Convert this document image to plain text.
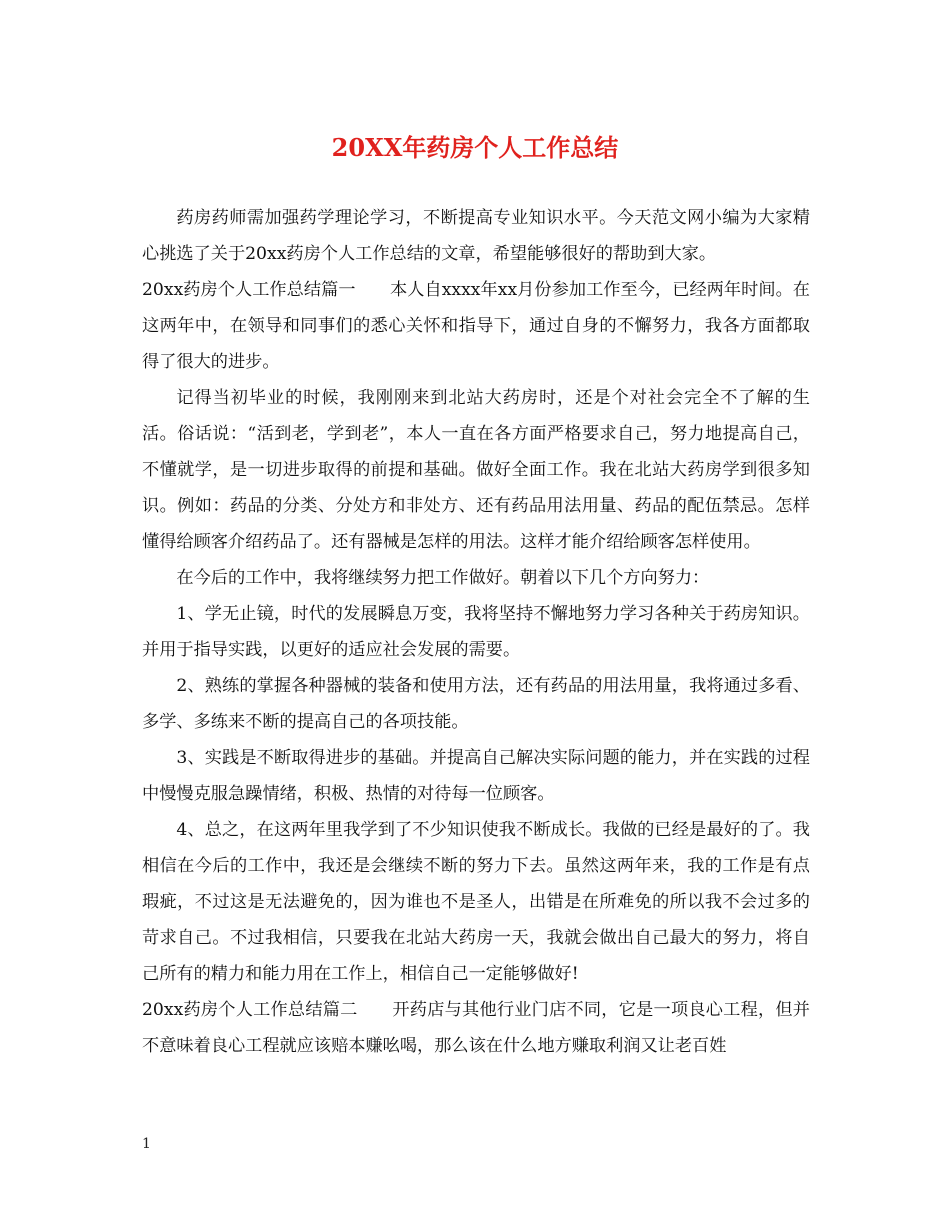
20XX年药房个人工作总结

药房药师需加强药学理论学习，不断提高专业知识水平。今天范文网小编为大家精心挑选了关于20xx药房个人工作总结的文章，希望能够很好的帮助到大家。

20xx药房个人工作总结篇一　　本人自xxxx年xx月份参加工作至今，已经两年时间。在这两年中，在领导和同事们的悉心关怀和指导下，通过自身的不懈努力，我各方面都取得了很大的进步。

记得当初毕业的时候，我刚刚来到北站大药房时，还是个对社会完全不了解的生活。俗话说：“活到老，学到老”，本人一直在各方面严格要求自己，努力地提高自己，不懂就学，是一切进步取得的前提和基础。做好全面工作。我在北站大药房学到很多知识。例如：药品的分类、分处方和非处方、还有药品用法用量、药品的配伍禁忌。怎样懂得给顾客介绍药品了。还有器械是怎样的用法。这样才能介绍给顾客怎样使用。

在今后的工作中，我将继续努力把工作做好。朝着以下几个方向努力：

1、学无止镜，时代的发展瞬息万变，我将坚持不懈地努力学习各种关于药房知识。并用于指导实践，以更好的适应社会发展的需要。

2、熟练的掌握各种器械的装备和使用方法，还有药品的用法用量，我将通过多看、多学、多练来不断的提高自己的各项技能。

3、实践是不断取得进步的基础。并提高自己解决实际问题的能力，并在实践的过程中慢慢克服急躁情绪，积极、热情的对待每一位顾客。

4、总之，在这两年里我学到了不少知识使我不断成长。我做的已经是最好的了。我相信在今后的工作中，我还是会继续不断的努力下去。虽然这两年来，我的工作是有点瑕疵，不过这是无法避免的，因为谁也不是圣人，出错是在所难免的所以我不会过多的苛求自己。不过我相信，只要我在北站大药房一天，我就会做出自己最大的努力，将自己所有的精力和能力用在工作上，相信自己一定能够做好!

20xx药房个人工作总结篇二　　开药店与其他行业门店不同，它是一项良心工程，但并不意味着良心工程就应该赔本赚吆喝，那么该在什么地方赚取利润又让老百姓

1
